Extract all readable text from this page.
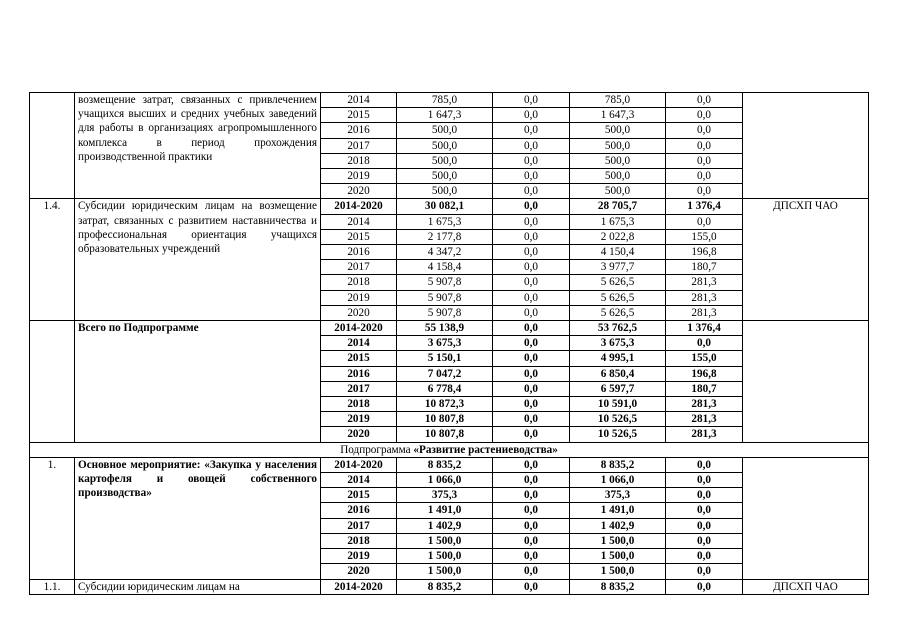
	возмещение затрат, связанных с привлечением учащихся высших и средних учебных заведений для работы в организациях агропромышленного комплекса в период прохождения производственной практики	2014	785,0	0,0	785,0	0,0	
		2015	1 647,3	0,0	1 647,3	0,0	
		2016	500,0	0,0	500,0	0,0	
		2017	500,0	0,0	500,0	0,0	
		2018	500,0	0,0	500,0	0,0	
		2019	500,0	0,0	500,0	0,0	
		2020	500,0	0,0	500,0	0,0	
1.4.	Субсидии юридическим лицам на возмещение затрат, связанных с развитием наставничества и профессиональная ориентация учащихся образовательных учреждений	2014-2020	30 082,1	0,0	28 705,7	1 376,4	ДПСХП ЧАО
		2014	1 675,3	0,0	1 675,3	0,0	
		2015	2 177,8	0,0	2 022,8	155,0	
		2016	4 347,2	0,0	4 150,4	196,8	
		2017	4 158,4	0,0	3 977,7	180,7	
		2018	5 907,8	0,0	5 626,5	281,3	
		2019	5 907,8	0,0	5 626,5	281,3	
		2020	5 907,8	0,0	5 626,5	281,3	
	Всего по Подпрограмме	2014-2020	55 138,9	0,0	53 762,5	1 376,4	
		2014	3 675,3	0,0	3 675,3	0,0	
		2015	5 150,1	0,0	4 995,1	155,0	
		2016	7 047,2	0,0	6 850,4	196,8	
		2017	6 778,4	0,0	6 597,7	180,7	
		2018	10 872,3	0,0	10 591,0	281,3	
		2019	10 807,8	0,0	10 526,5	281,3	
		2020	10 807,8	0,0	10 526,5	281,3	
Подпрограмма «Развитие растениеводства»							
1.	Основное мероприятие: «Закупка у населения картофеля и овощей собственного производства»	2014-2020	8 835,2	0,0	8 835,2	0,0	
		2014	1 066,0	0,0	1 066,0	0,0	
		2015	375,3	0,0	375,3	0,0	
		2016	1 491,0	0,0	1 491,0	0,0	
		2017	1 402,9	0,0	1 402,9	0,0	
		2018	1 500,0	0,0	1 500,0	0,0	
		2019	1 500,0	0,0	1 500,0	0,0	
		2020	1 500,0	0,0	1 500,0	0,0	
1.1.	Субсидии юридическим лицам на	2014-2020	8 835,2	0,0	8 835,2	0,0	ДПСХП ЧАО
